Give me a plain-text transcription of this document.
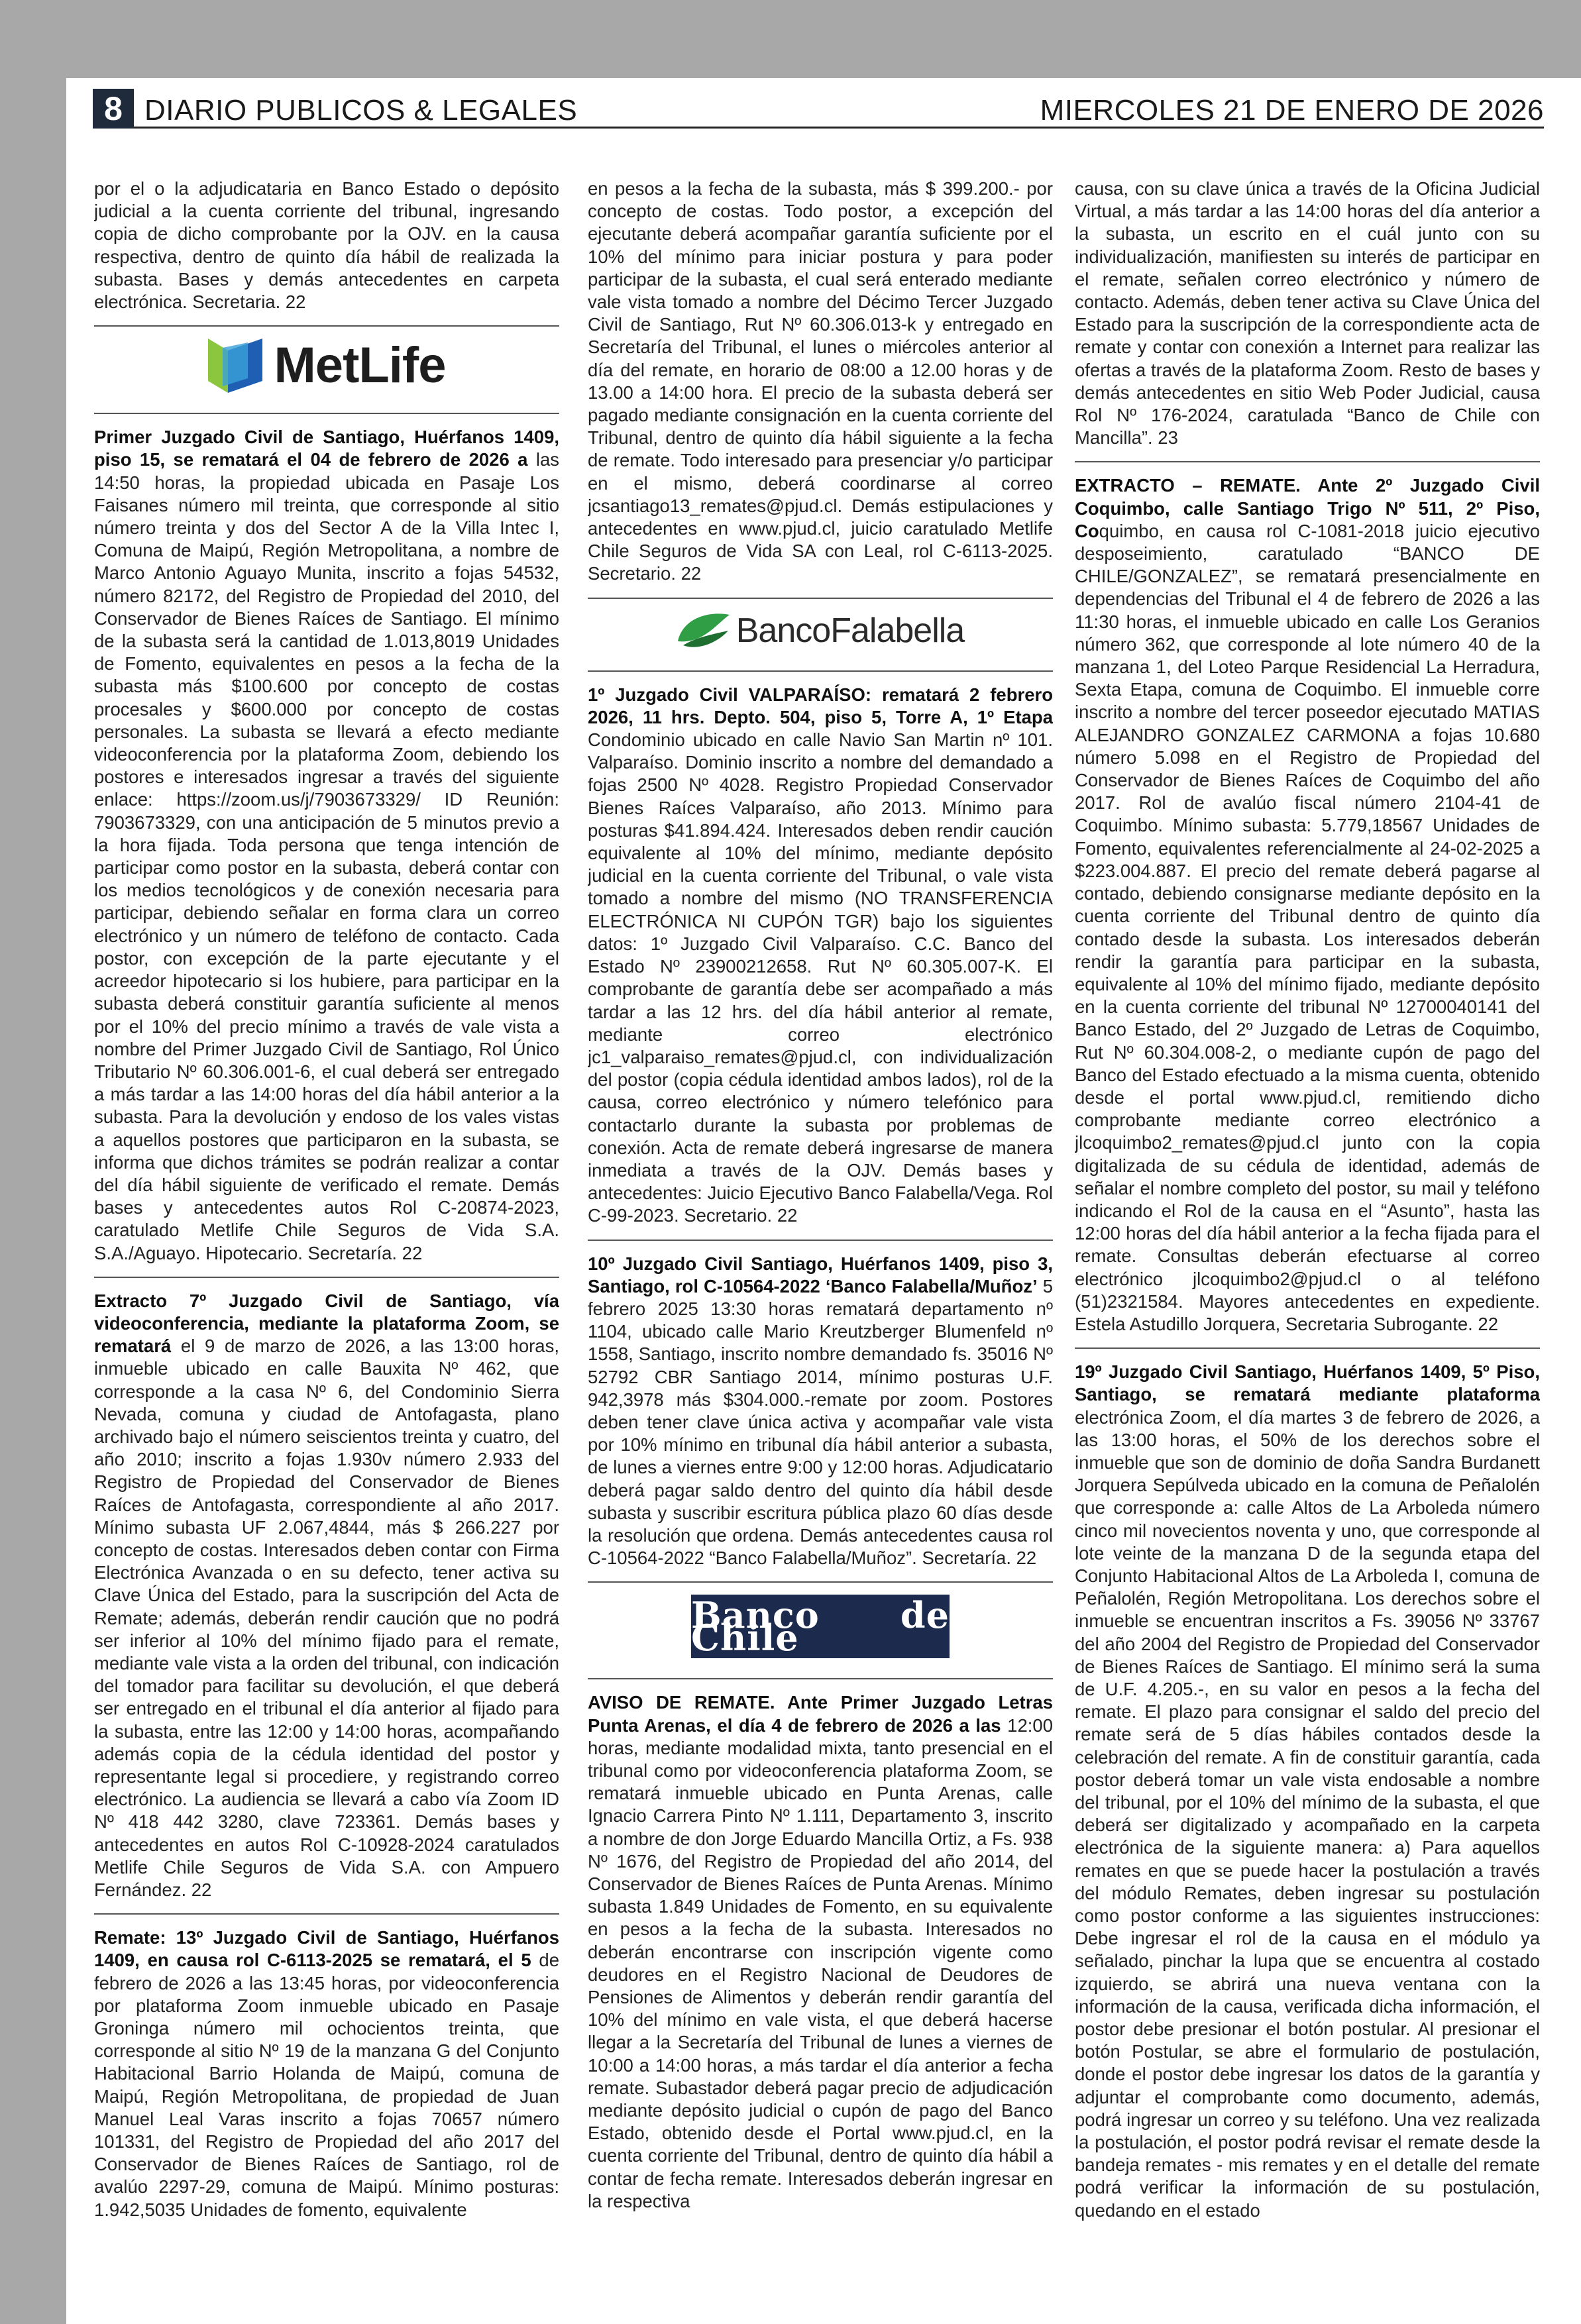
8 DIARIO PUBLICOS & LEGALES	MIERCOLES 21 DE ENERO DE 2026

por el o la adjudicataria en Banco Estado o depósito judicial a la cuenta corriente del tribunal, ingresando copia de dicho comprobante por la OJV. en la causa respectiva, dentro de quinto día hábil de realizada la subasta. Bases y demás antecedentes en carpeta electrónica. Secretaria. 22

MetLife

Primer Juzgado Civil de Santiago, Huérfanos 1409, piso 15, se rematará el 04 de febrero de 2026 a las 14:50 horas, la propiedad ubicada en Pasaje Los Faisanes número mil treinta, que corresponde al sitio número treinta y dos del Sector A de la Villa Intec I, Comuna de Maipú, Región Metropolitana, a nombre de Marco Antonio Aguayo Munita, inscrito a fojas 54532, número 82172, del Registro de Propiedad del 2010, del Conservador de Bienes Raíces de Santiago. El mínimo de la subasta será la cantidad de 1.013,8019 Unidades de Fomento, equivalentes en pesos a la fecha de la subasta más $100.600 por concepto de costas procesales y $600.000 por concepto de costas personales. La subasta se llevará a efecto mediante videoconferencia por la plataforma Zoom, debiendo los postores e interesados ingresar a través del siguiente enlace: https://zoom.us/j/7903673329/ ID Reunión: 7903673329, con una anticipación de 5 minutos previo a la hora fijada. Toda persona que tenga intención de participar como postor en la subasta, deberá contar con los medios tecnológicos y de conexión necesaria para participar, debiendo señalar en forma clara un correo electrónico y un número de teléfono de contacto. Cada postor, con excepción de la parte ejecutante y el acreedor hipotecario si los hubiere, para participar en la subasta deberá constituir garantía suficiente al menos por el 10% del precio mínimo a través de vale vista a nombre del Primer Juzgado Civil de Santiago, Rol Único Tributario Nº 60.306.001-6, el cual deberá ser entregado a más tardar a las 14:00 horas del día hábil anterior a la subasta. Para la devolución y endoso de los vales vistas a aquellos postores que participaron en la subasta, se informa que dichos trámites se podrán realizar a contar del día hábil siguiente de verificado el remate. Demás bases y antecedentes autos Rol C-20874-2023, caratulado Metlife Chile Seguros de Vida S.A. S.A./Aguayo. Hipotecario. Secretaría. 22

Extracto 7º Juzgado Civil de Santiago, vía videoconferencia, mediante la plataforma Zoom, se rematará el 9 de marzo de 2026, a las 13:00 horas, inmueble ubicado en calle Bauxita Nº 462, que corresponde a la casa Nº 6, del Condominio Sierra Nevada, comuna y ciudad de Antofagasta, plano archivado bajo el número seiscientos treinta y cuatro, del año 2010; inscrito a fojas 1.930v número 2.933 del Registro de Propiedad del Conservador de Bienes Raíces de Antofagasta, correspondiente al año 2017. Mínimo subasta UF 2.067,4844, más $ 266.227 por concepto de costas. Interesados deben contar con Firma Electrónica Avanzada o en su defecto, tener activa su Clave Única del Estado, para la suscripción del Acta de Remate; además, deberán rendir caución que no podrá ser inferior al 10% del mínimo fijado para el remate, mediante vale vista a la orden del tribunal, con indicación del tomador para facilitar su devolución, el que deberá ser entregado en el tribunal el día anterior al fijado para la subasta, entre las 12:00 y 14:00 horas, acompañando además copia de la cédula identidad del postor y representante legal si procediere, y registrando correo electrónico. La audiencia se llevará a cabo vía Zoom ID Nº 418 442 3280, clave 723361. Demás bases y antecedentes en autos Rol C-10928-2024 caratulados Metlife Chile Seguros de Vida S.A. con Ampuero Fernández. 22

Remate: 13º Juzgado Civil de Santiago, Huérfanos 1409, en causa rol C-6113-2025 se rematará, el 5 de febrero de 2026 a las 13:45 horas, por videoconferencia por plataforma Zoom inmueble ubicado en Pasaje Groninga número mil ochocientos treinta, que corresponde al sitio Nº 19 de la manzana G del Conjunto Habitacional Barrio Holanda de Maipú, comuna de Maipú, Región Metropolitana, de propiedad de Juan Manuel Leal Varas inscrito a fojas 70657 número 101331, del Registro de Propiedad del año 2017 del Conservador de Bienes Raíces de Santiago, rol de avalúo 2297-29, comuna de Maipú. Mínimo posturas: 1.942,5035 Unidades de fomento, equivalente

en pesos a la fecha de la subasta, más $ 399.200.- por concepto de costas. Todo postor, a excepción del ejecutante deberá acompañar garantía suficiente por el 10% del mínimo para iniciar postura y para poder participar de la subasta, el cual será enterado mediante vale vista tomado a nombre del Décimo Tercer Juzgado Civil de Santiago, Rut Nº 60.306.013-k y entregado en Secretaría del Tribunal, el lunes o miércoles anterior al día del remate, en horario de 08:00 a 12.00 horas y de 13.00 a 14:00 hora. El precio de la subasta deberá ser pagado mediante consignación en la cuenta corriente del Tribunal, dentro de quinto día hábil siguiente a la fecha de remate. Todo interesado para presenciar y/o participar en el mismo, deberá coordinarse al correo jcsantiago13_remates@pjud.cl. Demás estipulaciones y antecedentes en www.pjud.cl, juicio caratulado Metlife Chile Seguros de Vida SA con Leal, rol C-6113-2025. Secretario. 22

BancoFalabella

1º Juzgado Civil VALPARAÍSO: rematará 2 febrero 2026, 11 hrs. Depto. 504, piso 5, Torre A, 1º Etapa Condominio ubicado en calle Navio San Martin nº 101. Valparaíso. Dominio inscrito a nombre del demandado a fojas 2500 Nº 4028. Registro Propiedad Conservador Bienes Raíces Valparaíso, año 2013. Mínimo para posturas $41.894.424. Interesados deben rendir caución equivalente al 10% del mínimo, mediante depósito judicial en la cuenta corriente del Tribunal, o vale vista tomado a nombre del mismo (NO TRANSFERENCIA ELECTRÓNICA NI CUPÓN TGR) bajo los siguientes datos: 1º Juzgado Civil Valparaíso. C.C. Banco del Estado Nº 23900212658. Rut Nº 60.305.007-K. El comprobante de garantía debe ser acompañado a más tardar a las 12 hrs. del día hábil anterior al remate, mediante correo electrónico jc1_valparaiso_remates@pjud.cl, con individualización del postor (copia cédula identidad ambos lados), rol de la causa, correo electrónico y número telefónico para contactarlo durante la subasta por problemas de conexión. Acta de remate deberá ingresarse de manera inmediata a través de la OJV. Demás bases y antecedentes: Juicio Ejecutivo Banco Falabella/Vega. Rol C-99-2023. Secretario. 22

10º Juzgado Civil Santiago, Huérfanos 1409, piso 3, Santiago, rol C-10564-2022 ‘Banco Falabella/Muñoz’ 5 febrero 2025 13:30 horas rematará departamento nº 1104, ubicado calle Mario Kreutzberger Blumenfeld nº 1558, Santiago, inscrito nombre demandado fs. 35016 Nº 52792 CBR Santiago 2014, mínimo posturas U.F. 942,3978 más $304.000.-remate por zoom. Postores deben tener clave única activa y acompañar vale vista por 10% mínimo en tribunal día hábil anterior a subasta, de lunes a viernes entre 9:00 y 12:00 horas. Adjudicatario deberá pagar saldo dentro del quinto día hábil desde subasta y suscribir escritura pública plazo 60 días desde la resolución que ordena. Demás antecedentes causa rol C-10564-2022 “Banco Falabella/Muñoz”. Secretaría. 22

Banco de Chile

AVISO DE REMATE. Ante Primer Juzgado Letras Punta Arenas, el día 4 de febrero de 2026 a las 12:00 horas, mediante modalidad mixta, tanto presencial en el tribunal como por videoconferencia plataforma Zoom, se rematará inmueble ubicado en Punta Arenas, calle Ignacio Carrera Pinto Nº 1.111, Departamento 3, inscrito a nombre de don Jorge Eduardo Mancilla Ortiz, a Fs. 938 Nº 1676, del Registro de Propiedad del año 2014, del Conservador de Bienes Raíces de Punta Arenas. Mínimo subasta 1.849 Unidades de Fomento, en su equivalente en pesos a la fecha de la subasta. Interesados no deberán encontrarse con inscripción vigente como deudores en el Registro Nacional de Deudores de Pensiones de Alimentos y deberán rendir garantía del 10% del mínimo en vale vista, el que deberá hacerse llegar a la Secretaría del Tribunal de lunes a viernes de 10:00 a 14:00 horas, a más tardar el día anterior a fecha remate. Subastador deberá pagar precio de adjudicación mediante depósito judicial o cupón de pago del Banco Estado, obtenido desde el Portal www.pjud.cl, en la cuenta corriente del Tribunal, dentro de quinto día hábil a contar de fecha remate. Interesados deberán ingresar en la respectiva

causa, con su clave única a través de la Oficina Judicial Virtual, a más tardar a las 14:00 horas del día anterior a la subasta, un escrito en el cuál junto con su individualización, manifiesten su interés de participar en el remate, señalen correo electrónico y número de contacto. Además, deben tener activa su Clave Única del Estado para la suscripción de la correspondiente acta de remate y contar con conexión a Internet para realizar las ofertas a través de la plataforma Zoom. Resto de bases y demás antecedentes en sitio Web Poder Judicial, causa Rol Nº 176-2024, caratulada “Banco de Chile con Mancilla”. 23

EXTRACTO – REMATE. Ante 2º Juzgado Civil Coquimbo, calle Santiago Trigo Nº 511, 2º Piso, Coquimbo, en causa rol C-1081-2018 juicio ejecutivo desposeimiento, caratulado “BANCO DE CHILE/GONZALEZ”, se rematará presencialmente en dependencias del Tribunal el 4 de febrero de 2026 a las 11:30 horas, el inmueble ubicado en calle Los Geranios número 362, que corresponde al lote número 40 de la manzana 1, del Loteo Parque Residencial La Herradura, Sexta Etapa, comuna de Coquimbo. El inmueble corre inscrito a nombre del tercer poseedor ejecutado MATIAS ALEJANDRO GONZALEZ CARMONA a fojas 10.680 número 5.098 en el Registro de Propiedad del Conservador de Bienes Raíces de Coquimbo del año 2017. Rol de avalúo fiscal número 2104-41 de Coquimbo. Mínimo subasta: 5.779,18567 Unidades de Fomento, equivalentes referencialmente al 24-02-2025 a $223.004.887. El precio del remate deberá pagarse al contado, debiendo consignarse mediante depósito en la cuenta corriente del Tribunal dentro de quinto día contado desde la subasta. Los interesados deberán rendir la garantía para participar en la subasta, equivalente al 10% del mínimo fijado, mediante depósito en la cuenta corriente del tribunal Nº 12700040141 del Banco Estado, del 2º Juzgado de Letras de Coquimbo, Rut Nº 60.304.008-2, o mediante cupón de pago del Banco del Estado efectuado a la misma cuenta, obtenido desde el portal www.pjud.cl, remitiendo dicho comprobante mediante correo electrónico a jlcoquimbo2_remates@pjud.cl junto con la copia digitalizada de su cédula de identidad, además de señalar el nombre completo del postor, su mail y teléfono indicando el Rol de la causa en el “Asunto”, hasta las 12:00 horas del día hábil anterior a la fecha fijada para el remate. Consultas deberán efectuarse al correo electrónico jlcoquimbo2@pjud.cl o al teléfono (51)2321584. Mayores antecedentes en expediente. Estela Astudillo Jorquera, Secretaria Subrogante. 22

19º Juzgado Civil Santiago, Huérfanos 1409, 5º Piso, Santiago, se rematará mediante plataforma electrónica Zoom, el día martes 3 de febrero de 2026, a las 13:00 horas, el 50% de los derechos sobre el inmueble que son de dominio de doña Sandra Burdanett Jorquera Sepúlveda ubicado en la comuna de Peñalolén que corresponde a: calle Altos de La Arboleda número cinco mil novecientos noventa y uno, que corresponde al lote veinte de la manzana D de la segunda etapa del Conjunto Habitacional Altos de La Arboleda I, comuna de Peñalolén, Región Metropolitana. Los derechos sobre el inmueble se encuentran inscritos a Fs. 39056 Nº 33767 del año 2004 del Registro de Propiedad del Conservador de Bienes Raíces de Santiago. El mínimo será la suma de U.F. 4.205.-, en su valor en pesos a la fecha del remate. El plazo para consignar el saldo del precio del remate será de 5 días hábiles contados desde la celebración del remate. A fin de constituir garantía, cada postor deberá tomar un vale vista endosable a nombre del tribunal, por el 10% del mínimo de la subasta, el que deberá ser digitalizado y acompañado en la carpeta electrónica de la siguiente manera: a) Para aquellos remates en que se puede hacer la postulación a través del módulo Remates, deben ingresar su postulación como postor conforme a las siguientes instrucciones: Debe ingresar el rol de la causa en el módulo ya señalado, pinchar la lupa que se encuentra al costado izquierdo, se abrirá una nueva ventana con la información de la causa, verificada dicha información, el postor debe presionar el botón postular. Al presionar el botón Postular, se abre el formulario de postulación, donde el postor debe ingresar los datos de la garantía y adjuntar el comprobante como documento, además, podrá ingresar un correo y su teléfono. Una vez realizada la postulación, el postor podrá revisar el remate desde la bandeja remates - mis remates y en el detalle del remate podrá verificar la información de su postulación, quedando en el estado
